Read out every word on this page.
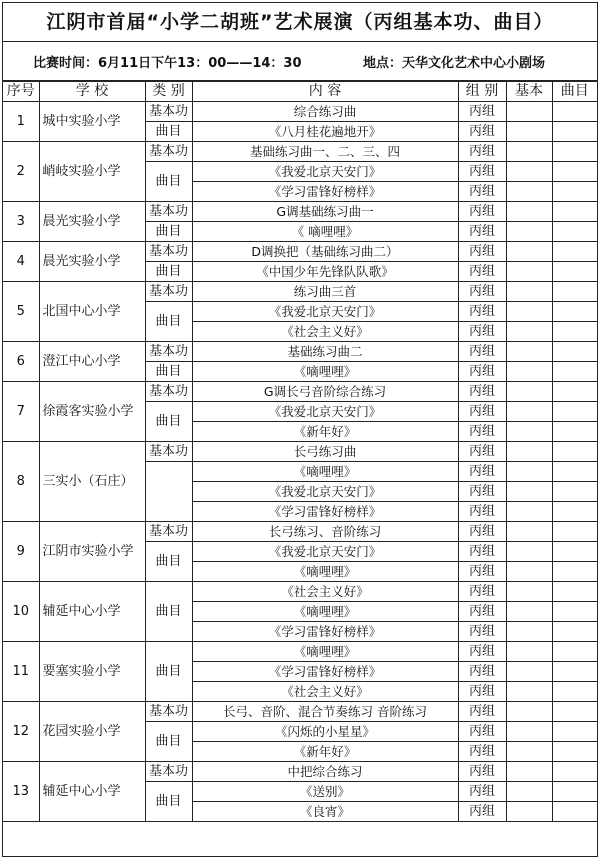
江阴市首届“小学二胡班”艺术展演（丙组基本功、曲目）
比赛时间：6月11日下午13：00——14：30	地点：天华文化艺术中心小剧场
序号	学 校	类 别	内 容	组 别	基本	曲目
1	城中实验小学	基本功	综合练习曲	丙组		
		曲目	《八月桂花遍地开》	丙组		
2	峭岐实验小学	基本功	基础练习曲一、二、三、四	丙组		
		曲目	《我爱北京天安门》	丙组		
			《学习雷锋好榜样》	丙组		
3	晨光实验小学	基本功	G调基础练习曲一	丙组		
		曲目	《 嘀哩哩》	丙组		
4	晨光实验小学	基本功	D调换把（基础练习曲二）	丙组		
		曲目	《中国少年先锋队队歌》	丙组		
5	北国中心小学	基本功	练习曲三首	丙组		
		曲目	《我爱北京天安门》	丙组		
			《社会主义好》	丙组		
6	澄江中心小学	基本功	基础练习曲二	丙组		
		曲目	《嘀哩哩》	丙组		
7	徐霞客实验小学	基本功	G调长弓音阶综合练习	丙组		
		曲目	《我爱北京天安门》	丙组		
			《新年好》	丙组		
8	三实小（石庄）	基本功	长弓练习曲	丙组		
			《嘀哩哩》	丙组		
			《我爱北京天安门》	丙组		
			《学习雷锋好榜样》	丙组		
9	江阴市实验小学	基本功	长弓练习、音阶练习	丙组		
		曲目	《我爱北京天安门》	丙组		
			《嘀哩哩》	丙组		
10	辅延中心小学	曲目	《社会主义好》	丙组		
			《嘀哩哩》	丙组		
			《学习雷锋好榜样》	丙组		
11	要塞实验小学	曲目	《嘀哩哩》	丙组		
			《学习雷锋好榜样》	丙组		
			《社会主义好》	丙组		
12	花园实验小学	基本功	长弓、音阶、混合节奏练习 音阶练习	丙组		
		曲目	《闪烁的小星星》	丙组		
			《新年好》	丙组		
13	辅延中心小学	基本功	中把综合练习	丙组		
		曲目	《送别》	丙组		
			《良宵》	丙组		
